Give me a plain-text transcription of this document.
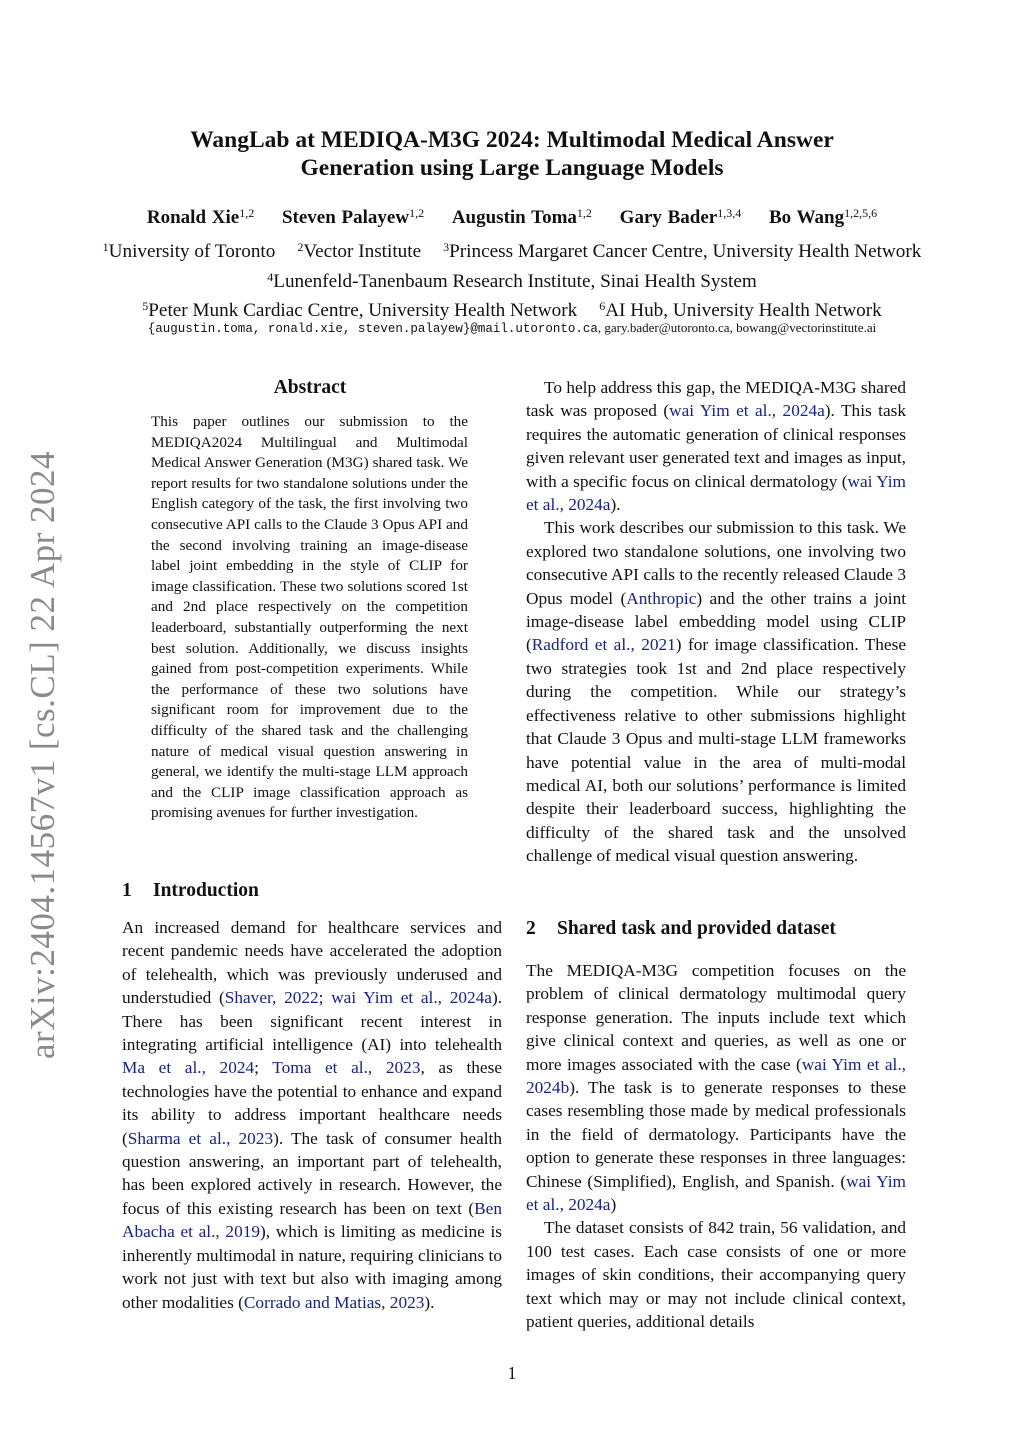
arXiv:2404.14567v1 [cs.CL] 22 Apr 2024
WangLab at MEDIQA-M3G 2024: Multimodal Medical Answer
Generation using Large Language Models
Ronald Xie$^{1,2}$ Steven Palayew$^{1,2}$ Augustin Toma$^{1,2}$ Gary Bader$^{1,3,4}$ Bo Wang$^{1,2,5,6}$
$^1$University of Toronto $^2$Vector Institute $^3$Princess Margaret Cancer Centre, University Health Network
$^4$Lunenfeld-Tanenbaum Research Institute, Sinai Health System
$^5$Peter Munk Cardiac Centre, University Health Network $^6$AI Hub, University Health Network
{augustin.toma, ronald.xie, steven.palayew}@mail.utoronto.ca, gary.bader@utoronto.ca, bowang@vectorinstitute.ai
Abstract
This paper outlines our submission to the MEDIQA2024 Multilingual and Multimodal Medical Answer Generation (M3G) shared task. We report results for two standalone solutions under the English category of the task, the first involving two consecutive API calls to the Claude 3 Opus API and the second involving training an image-disease label joint embedding in the style of CLIP for image classification. These two solutions scored 1st and 2nd place respectively on the competition leaderboard, substantially outperforming the next best solution. Additionally, we discuss insights gained from post-competition experiments. While the performance of these two solutions have significant room for improvement due to the difficulty of the shared task and the challenging nature of medical visual question answering in general, we identify the multi-stage LLM approach and the CLIP image classification approach as promising avenues for further investigation.
1 Introduction

An increased demand for healthcare services and recent pandemic needs have accelerated the adoption of telehealth, which was previously underused and understudied (Shaver, 2022; wai Yim et al., 2024a). There has been significant recent interest in integrating artificial intelligence (AI) into telehealth Ma et al., 2024; Toma et al., 2023, as these technologies have the potential to enhance and expand its ability to address important healthcare needs (Sharma et al., 2023). The task of consumer health question answering, an important part of telehealth, has been explored actively in research. However, the focus of this existing research has been on text (Ben Abacha et al., 2019), which is limiting as medicine is inherently multimodal in nature, requiring clinicians to work not just with text but also with imaging among other modalities (Corrado and Matias, 2023).

To help address this gap, the MEDIQA-M3G shared task was proposed (wai Yim et al., 2024a). This task requires the automatic generation of clinical responses given relevant user generated text and images as input, with a specific focus on clinical dermatology (wai Yim et al., 2024a).

This work describes our submission to this task. We explored two standalone solutions, one involving two consecutive API calls to the recently released Claude 3 Opus model (Anthropic) and the other trains a joint image-disease label embedding model using CLIP (Radford et al., 2021) for image classification. These two strategies took 1st and 2nd place respectively during the competition. While our strategy’s effectiveness relative to other submissions highlight that Claude 3 Opus and multi-stage LLM frameworks have potential value in the area of multi-modal medical AI, both our solutions’ performance is limited despite their leaderboard success, highlighting the difficulty of the shared task and the unsolved challenge of medical visual question answering.

2 Shared task and provided dataset

The MEDIQA-M3G competition focuses on the problem of clinical dermatology multimodal query response generation. The inputs include text which give clinical context and queries, as well as one or more images associated with the case (wai Yim et al., 2024b). The task is to generate responses to these cases resembling those made by medical professionals in the field of dermatology. Participants have the option to generate these responses in three languages: Chinese (Simplified), English, and Spanish. (wai Yim et al., 2024a)

The dataset consists of 842 train, 56 validation, and 100 test cases. Each case consists of one or more images of skin conditions, their accompanying query text which may or may not include clinical context, patient queries, additional details

1
